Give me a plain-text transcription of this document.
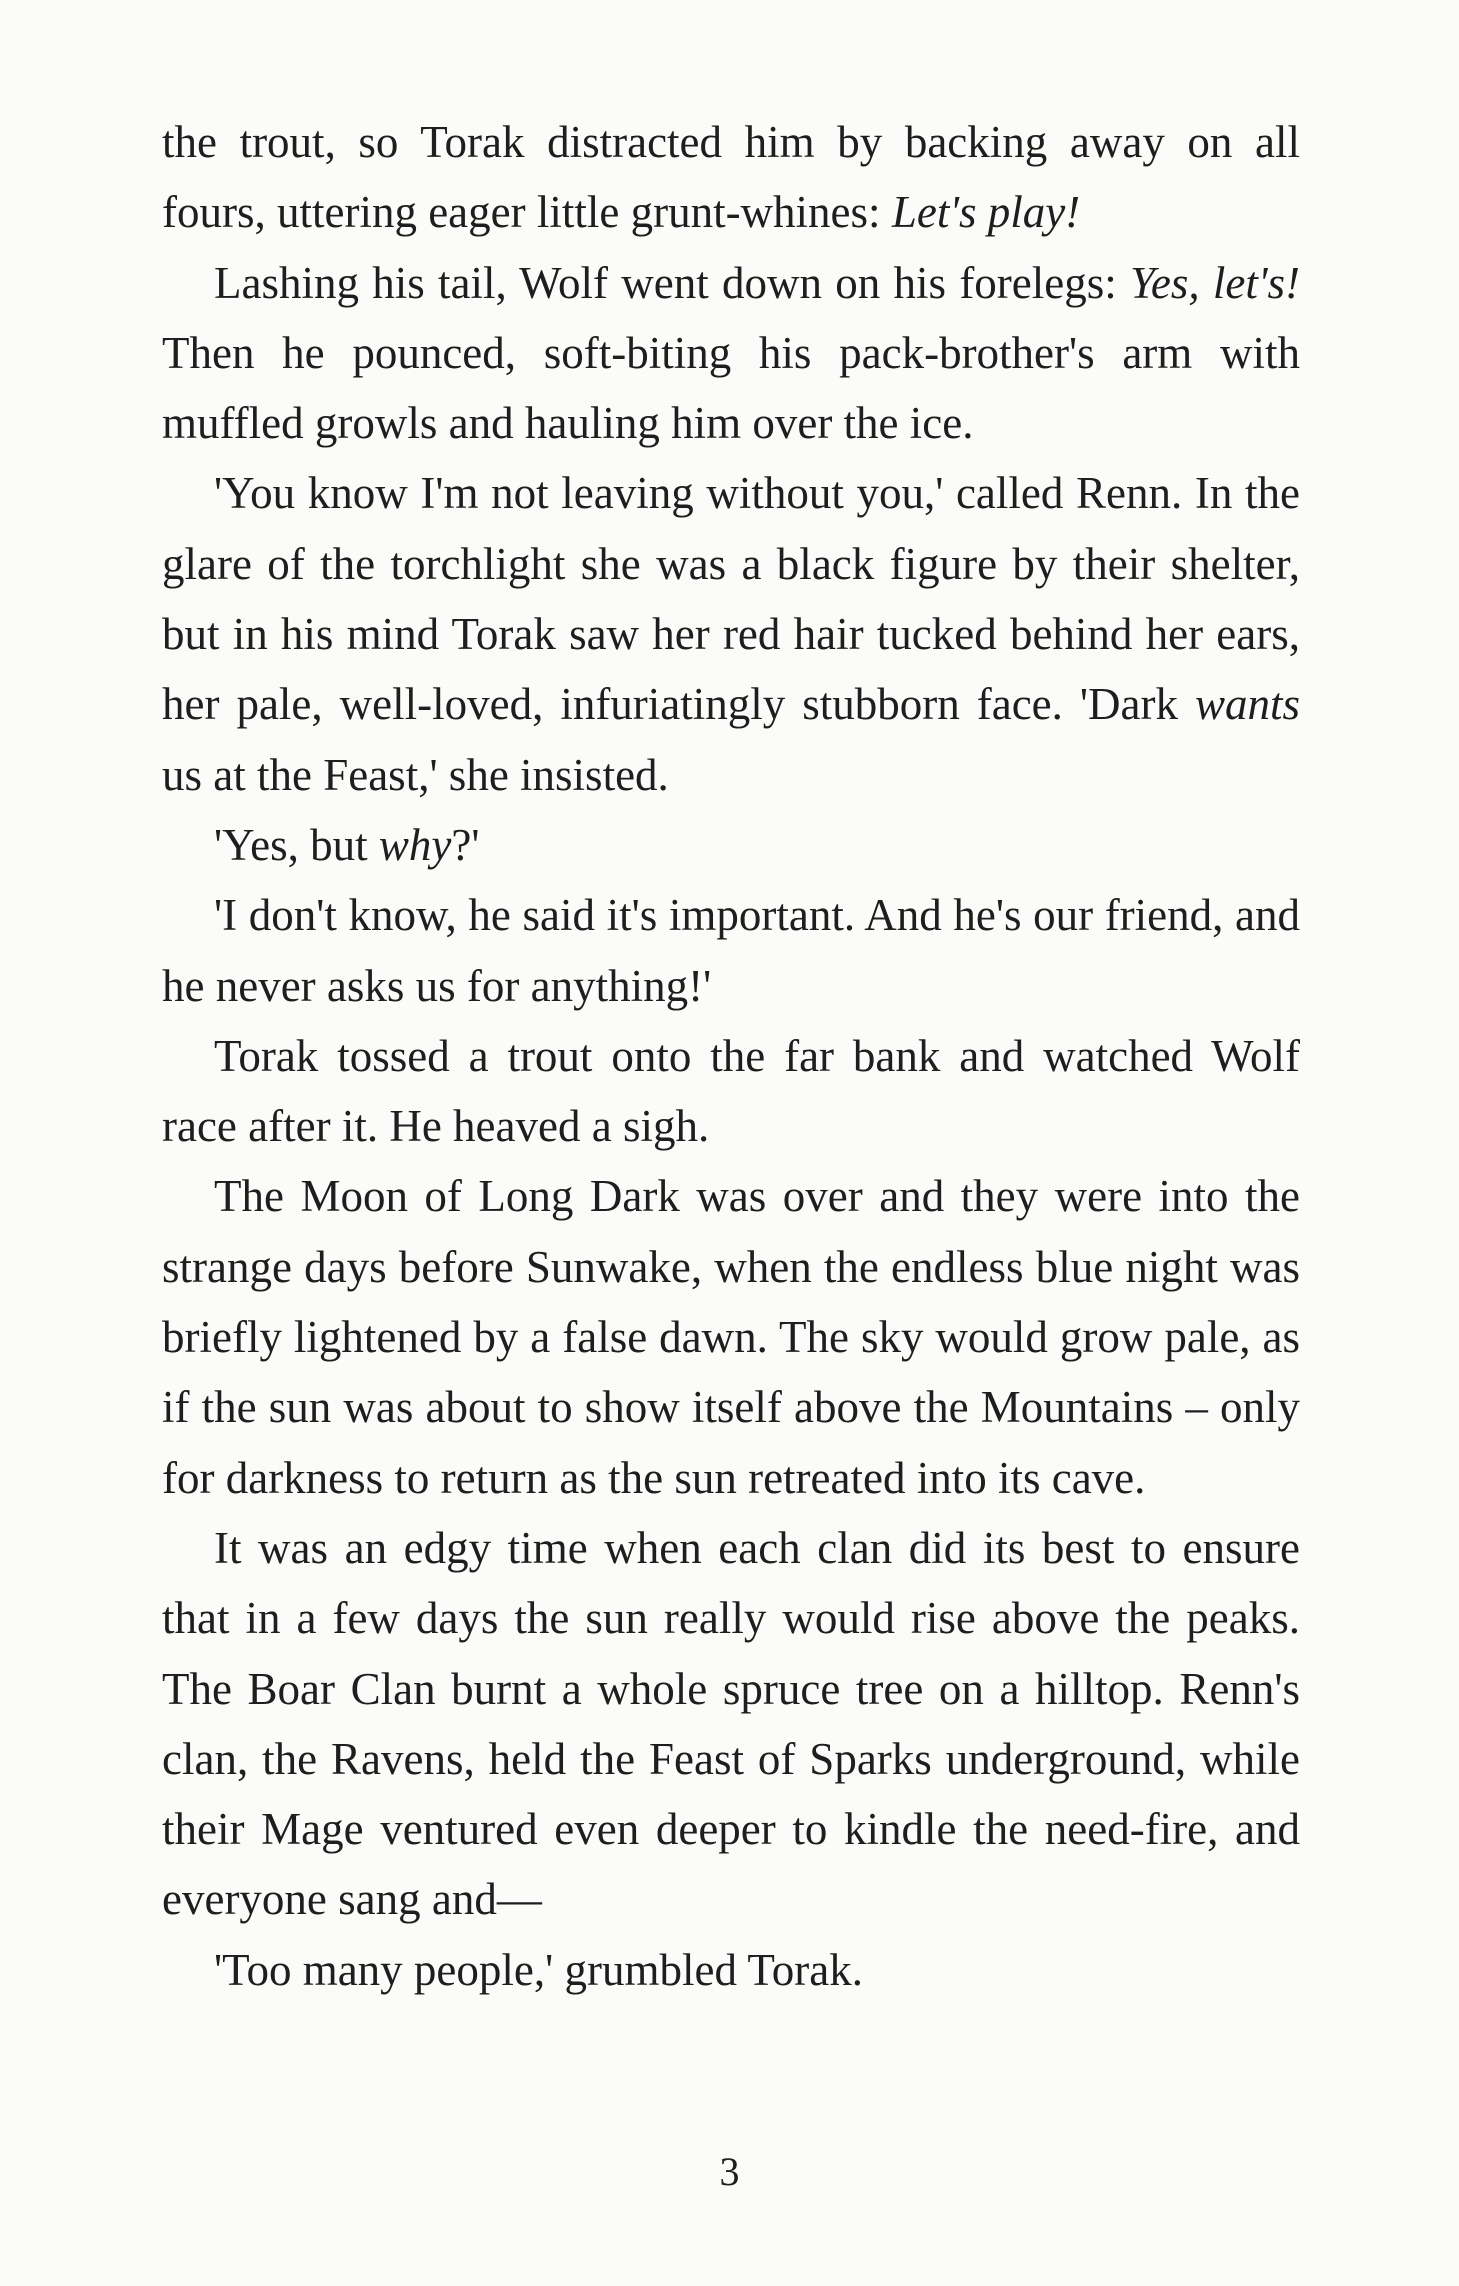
the trout, so Torak distracted him by backing away on all fours, uttering eager little grunt-whines: Let's play!

Lashing his tail, Wolf went down on his forelegs: Yes, let's! Then he pounced, soft-biting his pack-brother's arm with muffled growls and hauling him over the ice.

'You know I'm not leaving without you,' called Renn. In the glare of the torchlight she was a black figure by their shelter, but in his mind Torak saw her red hair tucked behind her ears, her pale, well-loved, infuriatingly stubborn face. 'Dark wants us at the Feast,' she insisted.

'Yes, but why?'

'I don't know, he said it's important. And he's our friend, and he never asks us for anything!'

Torak tossed a trout onto the far bank and watched Wolf race after it. He heaved a sigh.

The Moon of Long Dark was over and they were into the strange days before Sunwake, when the endless blue night was briefly lightened by a false dawn. The sky would grow pale, as if the sun was about to show itself above the Mountains – only for darkness to return as the sun retreated into its cave.

It was an edgy time when each clan did its best to ensure that in a few days the sun really would rise above the peaks. The Boar Clan burnt a whole spruce tree on a hilltop. Renn's clan, the Ravens, held the Feast of Sparks underground, while their Mage ventured even deeper to kindle the need-fire, and everyone sang and—

'Too many people,' grumbled Torak.

3
